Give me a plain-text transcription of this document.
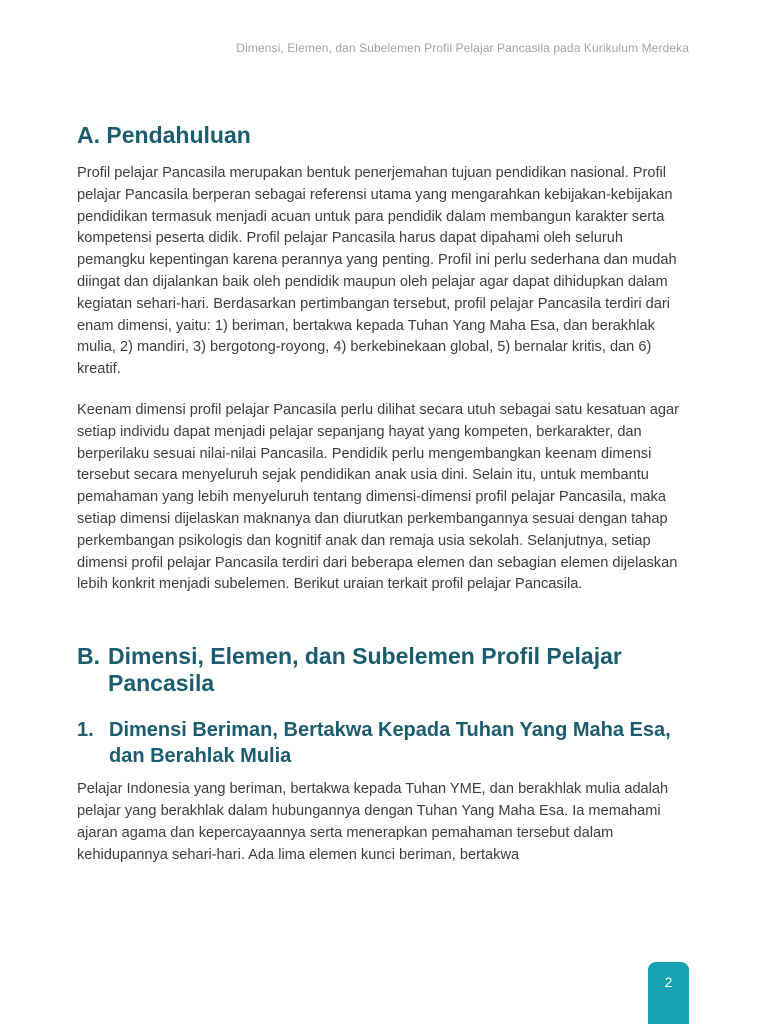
Dimensi, Elemen, dan Subelemen Profil Pelajar Pancasila pada Kurikulum Merdeka
A. Pendahuluan

Profil pelajar Pancasila merupakan bentuk penerjemahan tujuan pendidikan nasional. Profil pelajar Pancasila berperan sebagai referensi utama yang mengarahkan kebijakan-kebijakan pendidikan termasuk menjadi acuan untuk para pendidik dalam membangun karakter serta kompetensi peserta didik. Profil pelajar Pancasila harus dapat dipahami oleh seluruh pemangku kepentingan karena perannya yang penting. Profil ini perlu sederhana dan mudah diingat dan dijalankan baik oleh pendidik maupun oleh pelajar agar dapat dihidupkan dalam kegiatan sehari-hari. Berdasarkan pertimbangan tersebut, profil pelajar Pancasila terdiri dari enam dimensi, yaitu: 1) beriman, bertakwa kepada Tuhan Yang Maha Esa, dan berakhlak mulia, 2) mandiri, 3) bergotong-royong, 4) berkebinekaan global, 5) bernalar kritis, dan 6) kreatif.

Keenam dimensi profil pelajar Pancasila perlu dilihat secara utuh sebagai satu kesatuan agar setiap individu dapat menjadi pelajar sepanjang hayat yang kompeten, berkarakter, dan berperilaku sesuai nilai-nilai Pancasila. Pendidik perlu mengembangkan keenam dimensi tersebut secara menyeluruh sejak pendidikan anak usia dini. Selain itu, untuk membantu pemahaman yang lebih menyeluruh tentang dimensi-dimensi profil pelajar Pancasila, maka setiap dimensi dijelaskan maknanya dan diurutkan perkembangannya sesuai dengan tahap perkembangan psikologis dan kognitif anak dan remaja usia sekolah. Selanjutnya, setiap dimensi profil pelajar Pancasila terdiri dari beberapa elemen dan sebagian elemen dijelaskan lebih konkrit menjadi subelemen. Berikut uraian terkait profil pelajar Pancasila.

B. Dimensi, Elemen, dan Subelemen Profil Pelajar Pancasila
1. Dimensi Beriman, Bertakwa Kepada Tuhan Yang Maha Esa, dan Berahlak Mulia

Pelajar Indonesia yang beriman, bertakwa kepada Tuhan YME, dan berakhlak mulia adalah pelajar yang berakhlak dalam hubungannya dengan Tuhan Yang Maha Esa. Ia memahami ajaran agama dan kepercayaannya serta menerapkan pemahaman tersebut dalam kehidupannya sehari-hari. Ada lima elemen kunci beriman, bertakwa

2
